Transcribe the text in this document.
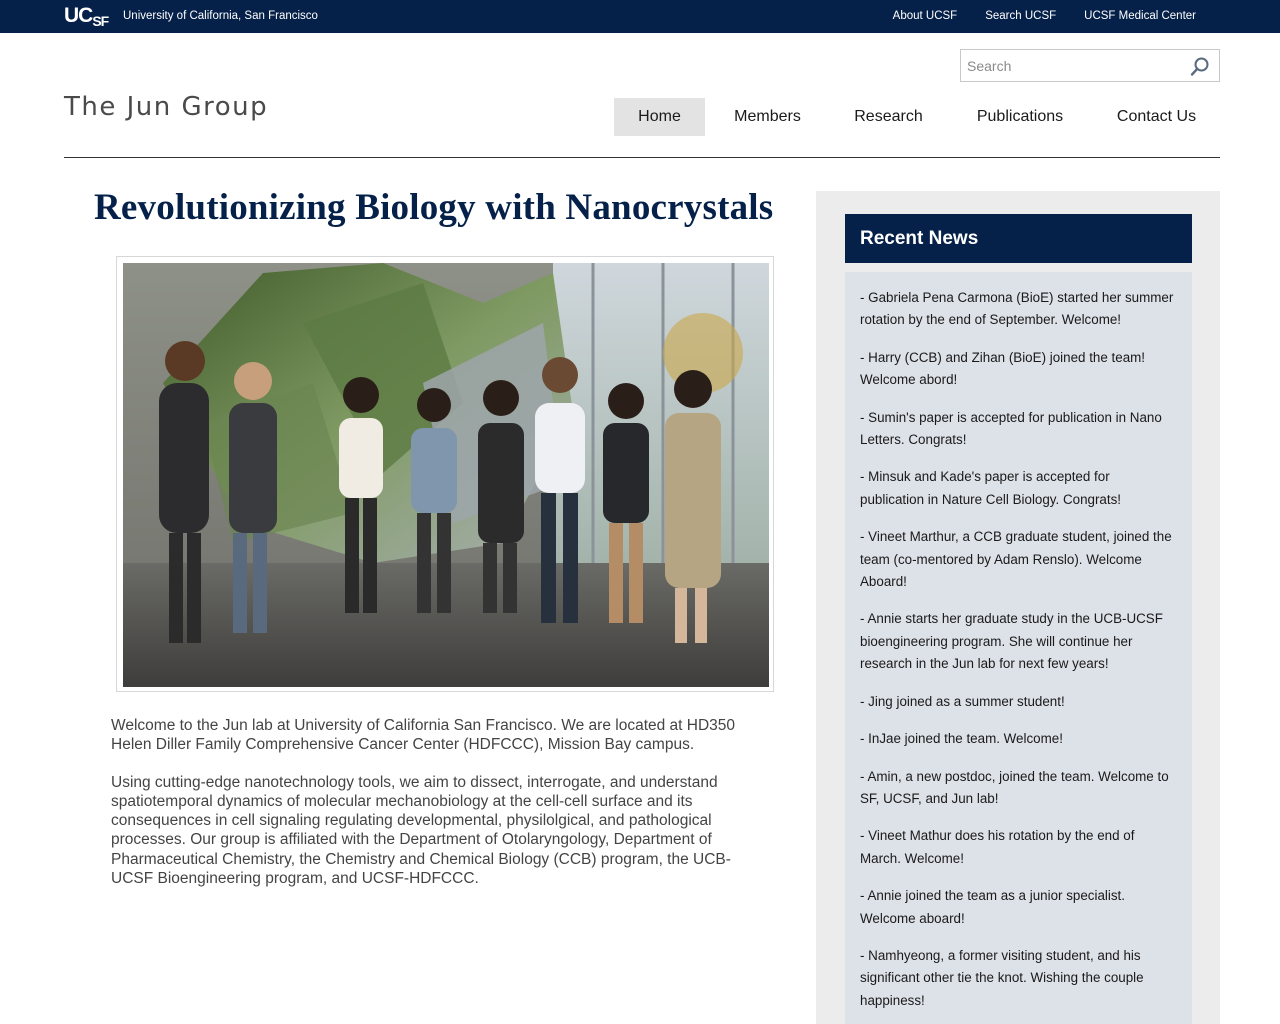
UCSF University of California, San Francisco	About UCSF Search UCSF UCSF Medical Center
Search
The Jun Group	Home	Members	Research	Publications	Contact Us
Revolutionizing Biology with Nanocrystals

Welcome to the Jun lab at University of California San Francisco. We are located at HD350 Helen Diller Family Comprehensive Cancer Center (HDFCCC), Mission Bay campus.

Using cutting-edge nanotechnology tools, we aim to dissect, interrogate, and understand spatiotemporal dynamics of molecular mechanobiology at the cell-cell surface and its consequences in cell signaling regulating developmental, physilolgical, and pathological processes. Our group is affiliated with the Department of Otolaryngology, Department of Pharmaceutical Chemistry, the Chemistry and Chemical Biology (CCB) program, the UCB-UCSF Bioengineering program, and UCSF-HDFCCC.

Recent News

- Gabriela Pena Carmona (BioE) started her summer rotation by the end of September. Welcome!

- Harry (CCB) and Zihan (BioE) joined the team! Welcome abord!

- Sumin's paper is accepted for publication in Nano Letters. Congrats!

- Minsuk and Kade's paper is accepted for publication in Nature Cell Biology. Congrats!

- Vineet Marthur, a CCB graduate student, joined the team (co-mentored by Adam Renslo). Welcome Aboard!

- Annie starts her graduate study in the UCB-UCSF bioengineering program. She will continue her research in the Jun lab for next few years!

- Jing joined as a summer student!

- InJae joined the team. Welcome!

- Amin, a new postdoc, joined the team. Welcome to SF, UCSF, and Jun lab!

- Vineet Mathur does his rotation by the end of March. Welcome!

- Annie joined the team as a junior specialist. Welcome aboard!

- Namhyeong, a former visiting student, and his significant other tie the knot. Wishing the couple happiness!
